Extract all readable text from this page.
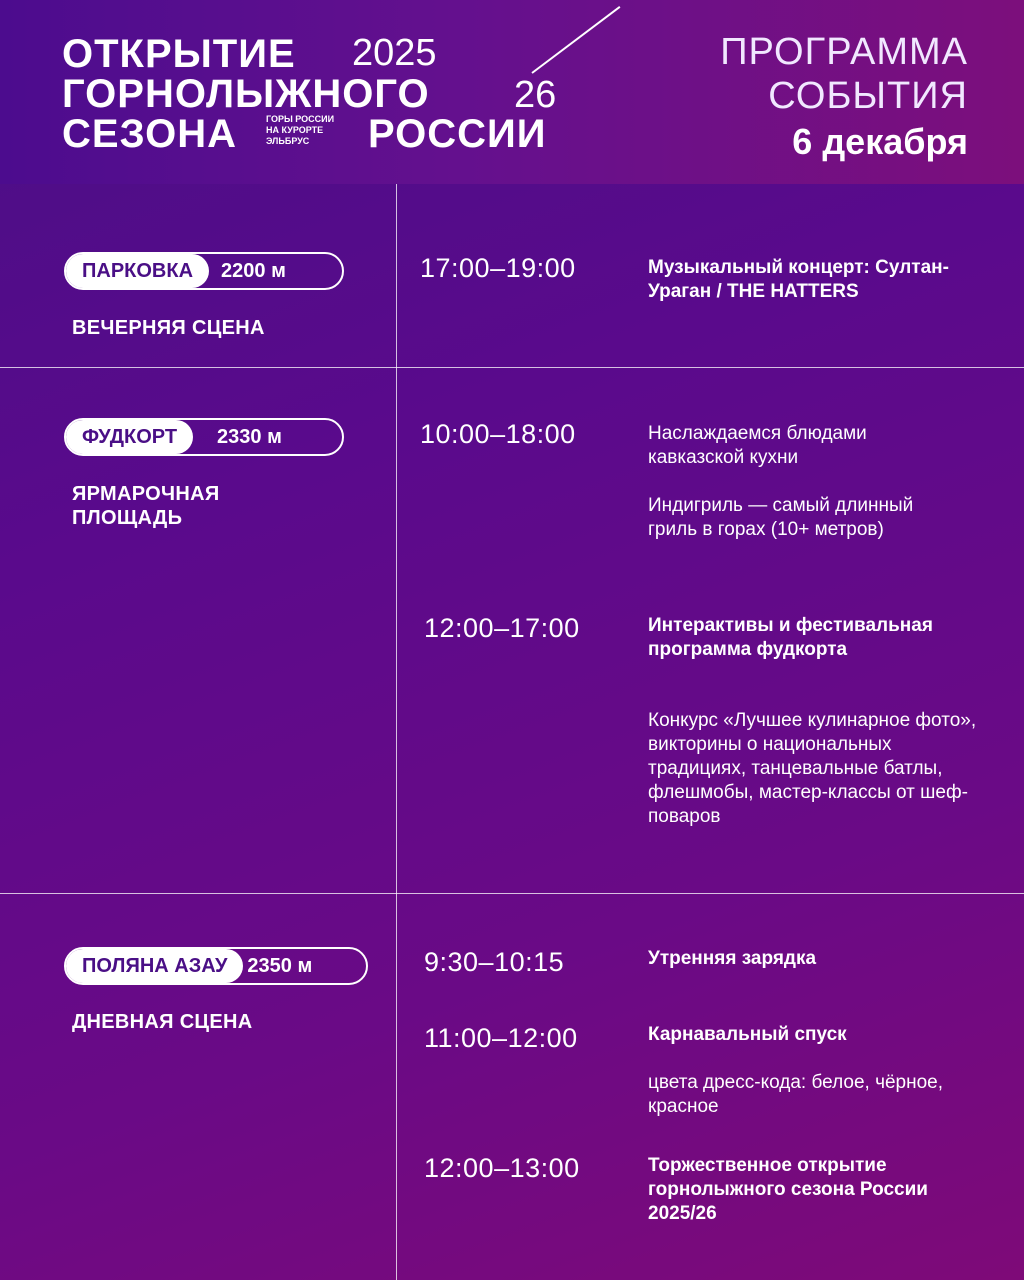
ОТКРЫТИЕ 2025
ГОРНОЛЫЖНОГО 26
СЕЗОНА	ГОРЫ РОССИИ
НА КУРОРТЕ
ЭЛЬБРУС РОССИИ
ПРОГРАММА
СОБЫТИЯ
6 декабря
ПАРКОВКА	2200 м
ВЕЧЕРНЯЯ СЦЕНА
17:00–19:00	Музыкальный концерт: Султан-Ураган / THE HATTERS
ФУДКОРТ	2330 м
ЯРМАРОЧНАЯ ПЛОЩАДЬ
10:00–18:00	Наслаждаемся блюдами кавказской кухни
Индигриль — самый длинный гриль в горах (10+ метров)
12:00–17:00	Интерактивы и фестивальная программа фудкорта
Конкурс «Лучшее кулинарное фото», викторины о национальных традициях, танцевальные батлы, флешмобы, мастер-классы от шеф-поваров
ПОЛЯНА АЗАУ	2350 м
ДНЕВНАЯ СЦЕНА
9:30–10:15	Утренняя зарядка
11:00–12:00	Карнавальный спуск
цвета дресс-кода: белое, чёрное, красное
12:00–13:00	Торжественное открытие горнолыжного сезона России 2025/26
